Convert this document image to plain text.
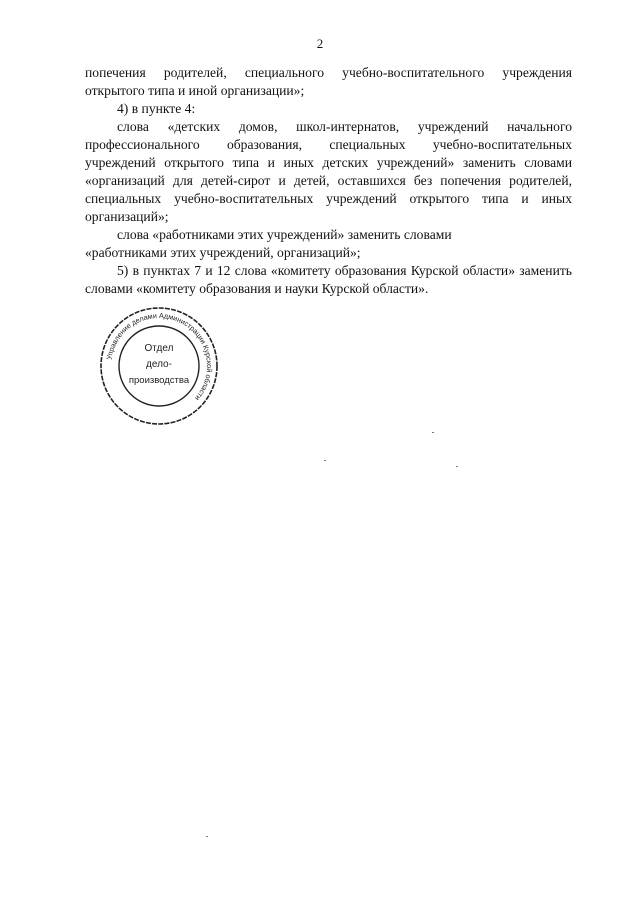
2

попечения родителей, специального учебно-воспитательного учреждения открытого типа и иной организации»;

4) в пункте 4:

слова «детских домов, школ-интернатов, учреждений начального профессионального образования, специальных учебно-воспитательных учреждений открытого типа и иных детских учреждений» заменить словами «организаций для детей-сирот и детей, оставшихся без попечения родителей, специальных учебно-воспитательных учреждений открытого типа и иных организаций»;

слова «работниками этих учреждений» заменить словами

«работниками этих учреждений, организаций»;

5) в пунктах 7 и 12 слова «комитету образования Курской области» заменить словами «комитету образования и науки Курской области».

Управление делами Администрации Курской области
Отдел
дело-
производства
